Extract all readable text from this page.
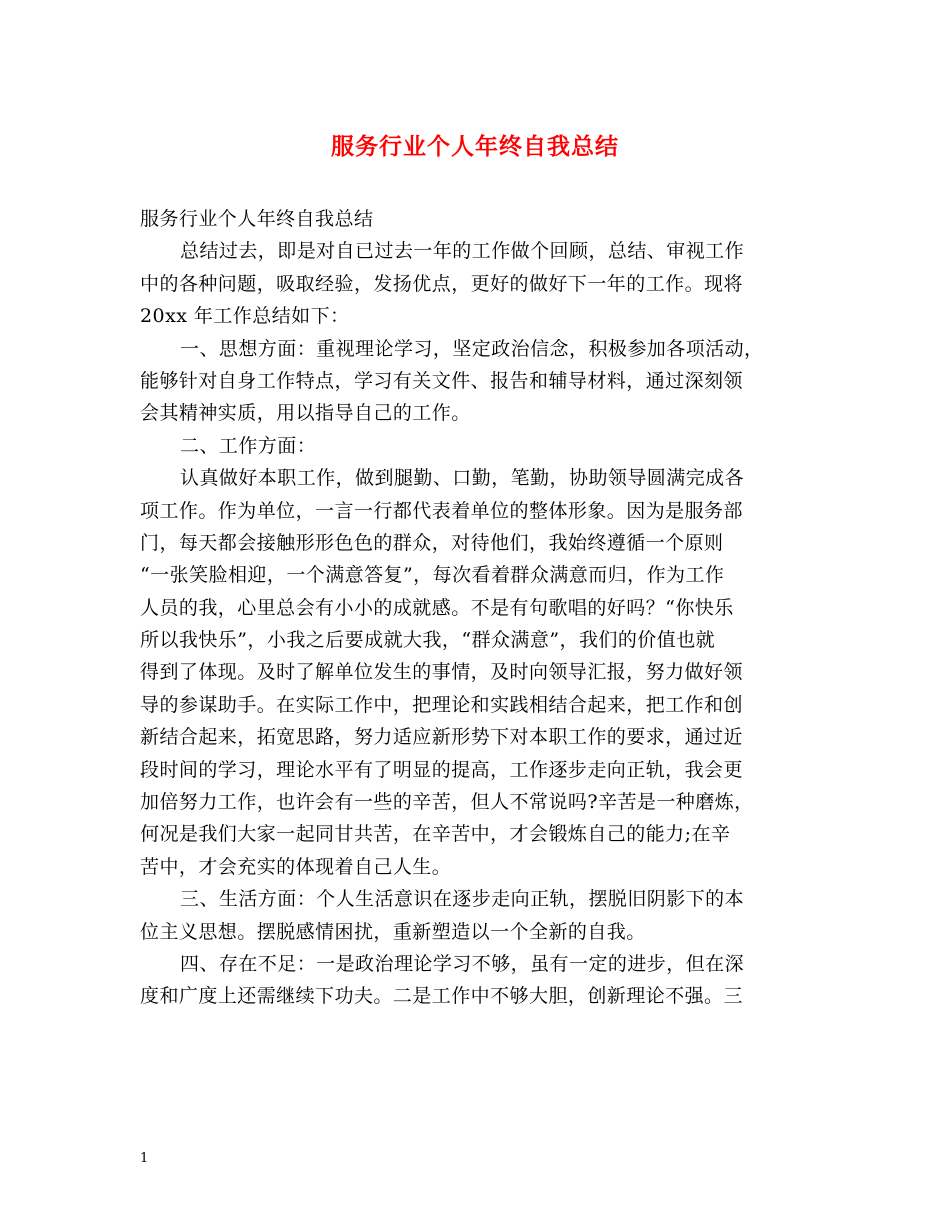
服务行业个人年终自我总结
服务行业个人年终自我总结
总结过去，即是对自已过去一年的工作做个回顾，总结、审视工作
中的各种问题，吸取经验，发扬优点，更好的做好下一年的工作。现将
20xx 年工作总结如下：
一、思想方面：重视理论学习，坚定政治信念，积极参加各项活动，
能够针对自身工作特点，学习有关文件、报告和辅导材料，通过深刻领
会其精神实质，用以指导自己的工作。
二、工作方面：
认真做好本职工作，做到腿勤、口勤，笔勤，协助领导圆满完成各
项工作。作为单位，一言一行都代表着单位的整体形象。因为是服务部
门，每天都会接触形形色色的群众，对待他们，我始终遵循一个原则
“一张笑脸相迎，一个满意答复”，每次看着群众满意而归，作为工作
人员的我，心里总会有小小的成就感。不是有句歌唱的好吗？“你快乐
所以我快乐”，小我之后要成就大我，“群众满意”，我们的价值也就
得到了体现。及时了解单位发生的事情，及时向领导汇报，努力做好领
导的参谋助手。在实际工作中，把理论和实践相结合起来，把工作和创
新结合起来，拓宽思路，努力适应新形势下对本职工作的要求，通过近
段时间的学习，理论水平有了明显的提高，工作逐步走向正轨，我会更
加倍努力工作，也许会有一些的辛苦，但人不常说吗?辛苦是一种磨炼，
何况是我们大家一起同甘共苦，在辛苦中，才会锻炼自己的能力;在辛
苦中，才会充实的体现着自己人生。
三、生活方面：个人生活意识在逐步走向正轨，摆脱旧阴影下的本
位主义思想。摆脱感情困扰，重新塑造以一个全新的自我。
四、存在不足：一是政治理论学习不够，虽有一定的进步，但在深
度和广度上还需继续下功夫。二是工作中不够大胆，创新理论不强。三
1
